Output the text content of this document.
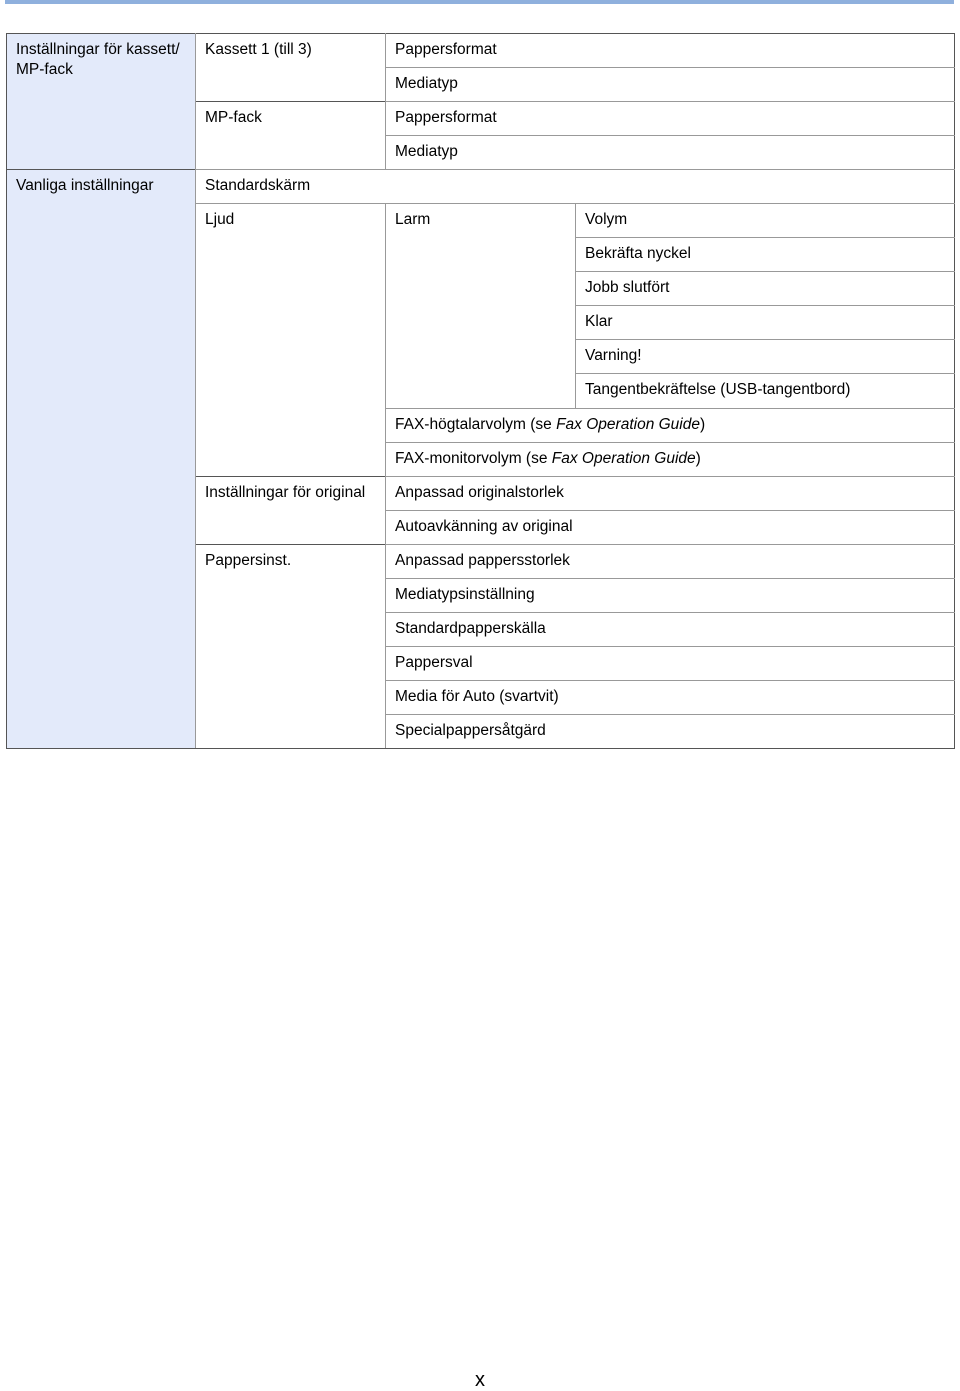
Inställningar för kassett/ MP-fack	Kassett 1 (till 3)	Pappersformat	
		Mediatyp	
	MP-fack	Pappersformat	
		Mediatyp	
Vanliga inställningar	Standardskärm		
	Ljud	Larm	Volym
			Bekräfta nyckel
			Jobb slutfört
			Klar
			Varning!
			Tangentbekräftelse (USB-tangentbord)
		FAX-högtalarvolym (se Fax Operation Guide)	
		FAX-monitorvolym (se Fax Operation Guide)	
	Inställningar för original	Anpassad originalstorlek	
		Autoavkänning av original	
	Pappersinst.	Anpassad pappersstorlek	
		Mediatypsinställning	
		Standardpapperskälla	
		Pappersval	
		Media för Auto (svartvit)	
		Specialpappersåtgärd	
x
